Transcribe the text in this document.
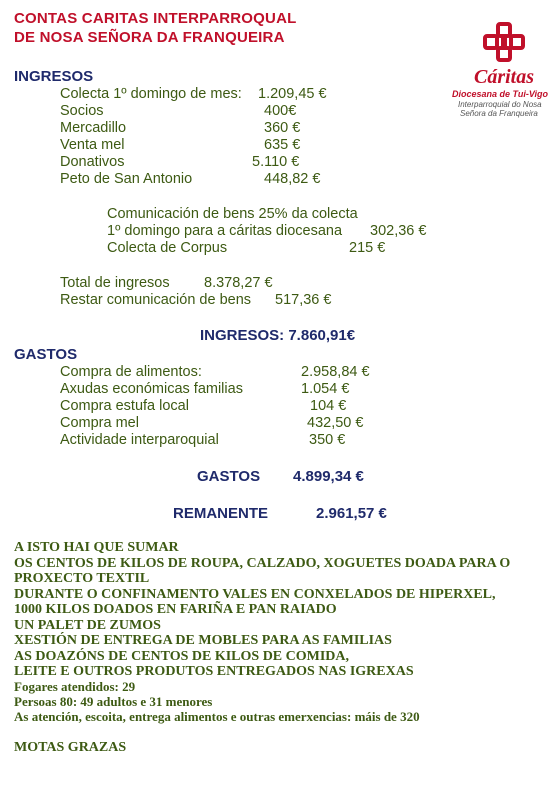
CONTAS CARITAS INTERPARROQUAL
DE NOSA SEÑORA DA FRANQUEIRA
Cáritas
Diocesana de Tui-Vigo
Interparroquial do Nosa
Señora da Franqueira
INGRESOS
Colecta 1º domingo de mes: 1.209,45 €
Socios	400€
Mercadillo	360 €
Venta mel	635 €
Donativos	5.110 €
Peto de San Antonio	448,82 €
Comunicación de bens 25% da colecta
1º domingo para a cáritas diocesana 302,36 €
Colecta de Corpus	215 €
Total de ingresos 8.378,27 €
Restar comunicación de bens 517,36 €
INGRESOS: 7.860,91€
GASTOS
Compra de alimentos:	2.958,84 €
Axudas económicas familias	1.054 €
Compra estufa local	104 €
Compra mel	432,50 €
Actividade interparoquial	350 €
GASTOS 4.899,34 €
REMANENTE	2.961,57 €
A ISTO HAI QUE SUMAR
OS CENTOS DE KILOS DE ROUPA, CALZADO, XOGUETES DOADA PARA O
PROXECTO TEXTIL
DURANTE O CONFINAMENTO VALES EN CONXELADOS DE HIPERXEL,
1000 KILOS DOADOS EN FARIÑA E PAN RAIADO
UN PALET DE ZUMOS
XESTIÓN DE ENTREGA DE MOBLES PARA AS FAMILIAS
AS DOAZÓNS DE CENTOS DE KILOS DE COMIDA,
LEITE E OUTROS PRODUTOS ENTREGADOS NAS IGREXAS
Fogares atendidos: 29
Persoas 80: 49 adultos e 31 menores
As atención, escoita, entrega alimentos e outras emerxencias: máis de 320
MOTAS GRAZAS
